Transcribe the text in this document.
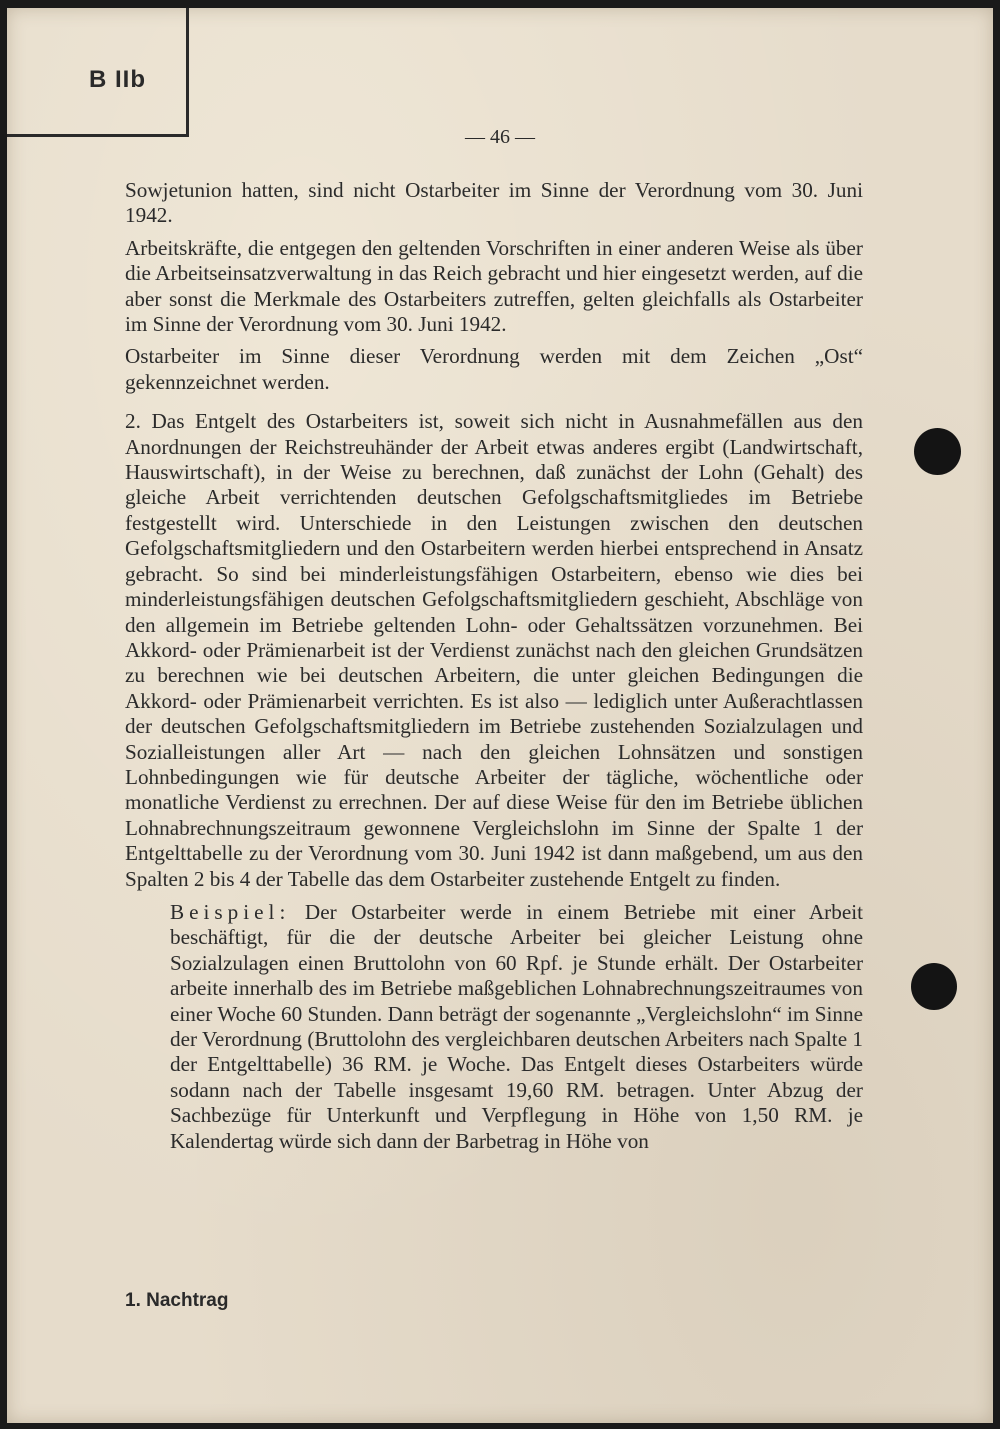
B IIb
— 46 —

Sowjetunion hatten, sind nicht Ostarbeiter im Sinne der Verordnung vom 30. Juni 1942.

Arbeitskräfte, die entgegen den geltenden Vorschriften in einer anderen Weise als über die Arbeitseinsatzverwaltung in das Reich gebracht und hier eingesetzt werden, auf die aber sonst die Merkmale des Ostarbeiters zutreffen, gelten gleichfalls als Ostarbeiter im Sinne der Verordnung vom 30. Juni 1942.

Ostarbeiter im Sinne dieser Verordnung werden mit dem Zeichen „Ost“ gekennzeichnet werden.

2. Das Entgelt des Ostarbeiters ist, soweit sich nicht in Ausnahmefällen aus den Anordnungen der Reichstreuhänder der Arbeit etwas anderes ergibt (Landwirtschaft, Hauswirtschaft), in der Weise zu berechnen, daß zunächst der Lohn (Gehalt) des gleiche Arbeit verrichtenden deutschen Gefolgschaftsmitgliedes im Betriebe festgestellt wird. Unterschiede in den Leistungen zwischen den deutschen Gefolgschaftsmitgliedern und den Ostarbeitern werden hierbei entsprechend in Ansatz gebracht. So sind bei minderleistungsfähigen Ostarbeitern, ebenso wie dies bei minderleistungsfähigen deutschen Gefolgschaftsmitgliedern geschieht, Abschläge von den allgemein im Betriebe geltenden Lohn- oder Gehaltssätzen vorzunehmen. Bei Akkord- oder Prämienarbeit ist der Verdienst zunächst nach den gleichen Grundsätzen zu berechnen wie bei deutschen Arbeitern, die unter gleichen Bedingungen die Akkord- oder Prämienarbeit verrichten. Es ist also — lediglich unter Außerachtlassen der deutschen Gefolgschaftsmitgliedern im Betriebe zustehenden Sozialzulagen und Sozialleistungen aller Art — nach den gleichen Lohnsätzen und sonstigen Lohnbedingungen wie für deutsche Arbeiter der tägliche, wöchentliche oder monatliche Verdienst zu errechnen. Der auf diese Weise für den im Betriebe üblichen Lohnabrechnungszeitraum gewonnene Vergleichslohn im Sinne der Spalte 1 der Entgelttabelle zu der Verordnung vom 30. Juni 1942 ist dann maßgebend, um aus den Spalten 2 bis 4 der Tabelle das dem Ostarbeiter zustehende Entgelt zu finden.

Beispiel: Der Ostarbeiter werde in einem Betriebe mit einer Arbeit beschäftigt, für die der deutsche Arbeiter bei gleicher Leistung ohne Sozialzulagen einen Bruttolohn von 60 Rpf. je Stunde erhält. Der Ostarbeiter arbeite innerhalb des im Betriebe maßgeblichen Lohnabrechnungszeitraumes von einer Woche 60 Stunden. Dann beträgt der sogenannte „Vergleichslohn“ im Sinne der Verordnung (Bruttolohn des vergleichbaren deutschen Arbeiters nach Spalte 1 der Entgelttabelle) 36 RM. je Woche. Das Entgelt dieses Ostarbeiters würde sodann nach der Tabelle insgesamt 19,60 RM. betragen. Unter Abzug der Sachbezüge für Unterkunft und Verpflegung in Höhe von 1,50 RM. je Kalendertag würde sich dann der Barbetrag in Höhe von

1. Nachtrag
